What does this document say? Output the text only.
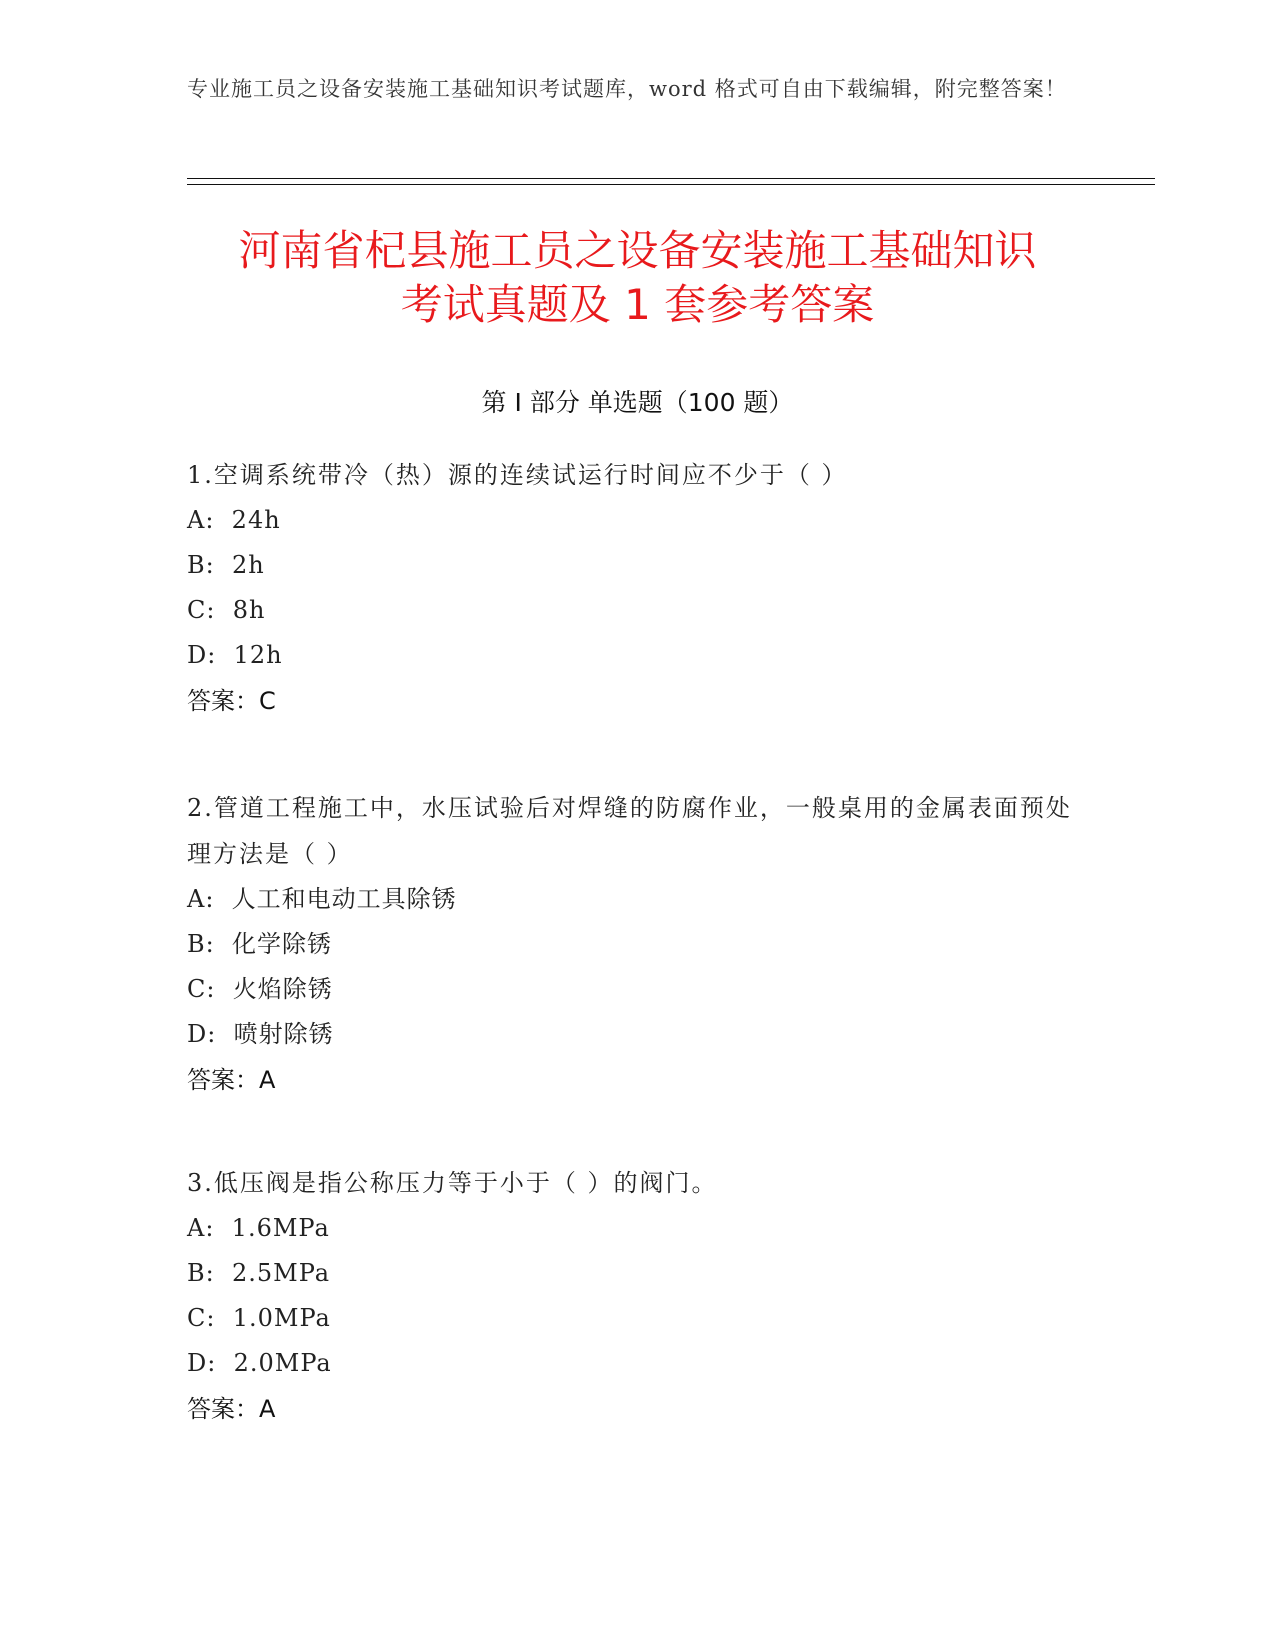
专业施工员之设备安装施工基础知识考试题库，word 格式可自由下载编辑，附完整答案！
河南省杞县施工员之设备安装施工基础知识
考试真题及 1 套参考答案
第 I 部分 单选题（100 题）
1.空调系统带冷（热）源的连续试运行时间应不少于（ ）
A:  24h
B:  2h
C:  8h
D:  12h
答案：C
2.管道工程施工中，水压试验后对焊缝的防腐作业，一般桌用的金属表面预处理方法是（ ）
A:  人工和电动工具除锈
B:  化学除锈
C:  火焰除锈
D:  喷射除锈
答案：A
3.低压阀是指公称压力等于小于（ ）的阀门。
A:  1.6MPa
B:  2.5MPa
C:  1.0MPa
D:  2.0MPa
答案：A
